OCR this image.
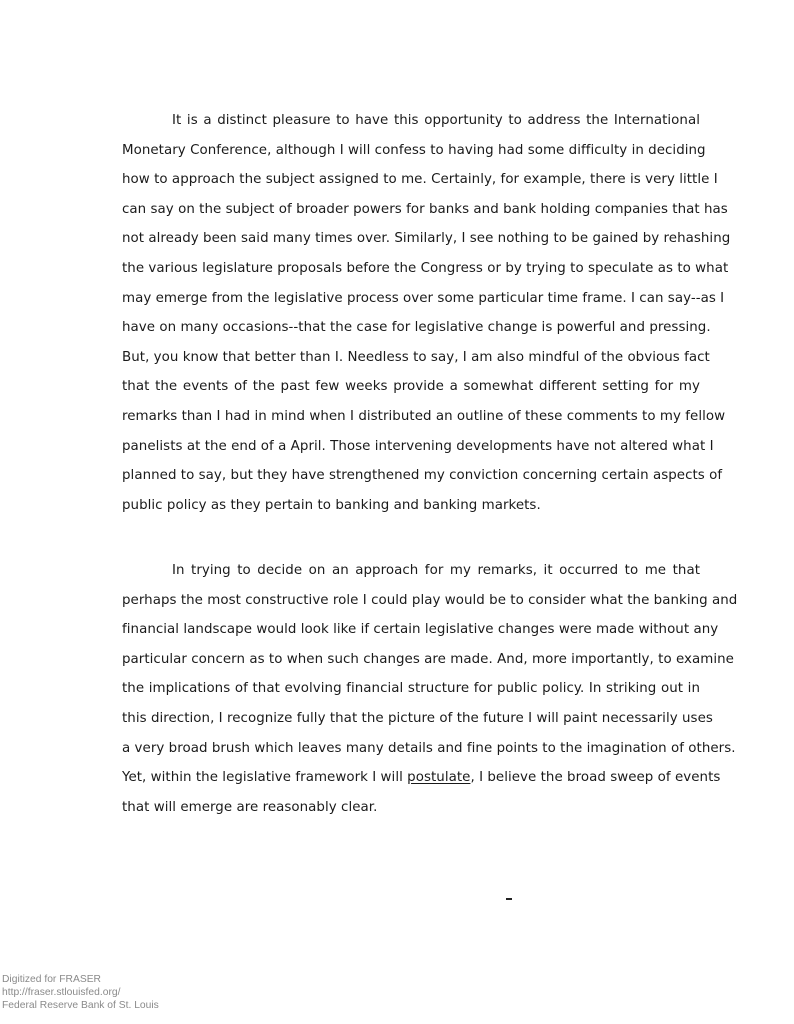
It is a distinct pleasure to have this opportunity to address the International
Monetary Conference, although I will confess to having had some difficulty in deciding
how to approach the subject assigned to me. Certainly, for example, there is very little I
can say on the subject of broader powers for banks and bank holding companies that has
not already been said many times over. Similarly, I see nothing to be gained by rehashing
the various legislature proposals before the Congress or by trying to speculate as to what
may emerge from the legislative process over some particular time frame. I can say--as I
have on many occasions--that the case for legislative change is powerful and pressing.
But, you know that better than I. Needless to say, I am also mindful of the obvious fact
that the events of the past few weeks provide a somewhat different setting for my
remarks than I had in mind when I distributed an outline of these comments to my fellow
panelists at the end of a April. Those intervening developments have not altered what I
planned to say, but they have strengthened my conviction concerning certain aspects of
public policy as they pertain to banking and banking markets.

In trying to decide on an approach for my remarks, it occurred to me that
perhaps the most constructive role I could play would be to consider what the banking and
financial landscape would look like if certain legislative changes were made without any
particular concern as to when such changes are made. And, more importantly, to examine
the implications of that evolving financial structure for public policy. In striking out in
this direction, I recognize fully that the picture of the future I will paint necessarily uses
a very broad brush which leaves many details and fine points to the imagination of others.
Yet, within the legislative framework I will postulate, I believe the broad sweep of events
that will emerge are reasonably clear.

Digitized for FRASER
http://fraser.stlouisfed.org/
Federal Reserve Bank of St. Louis
